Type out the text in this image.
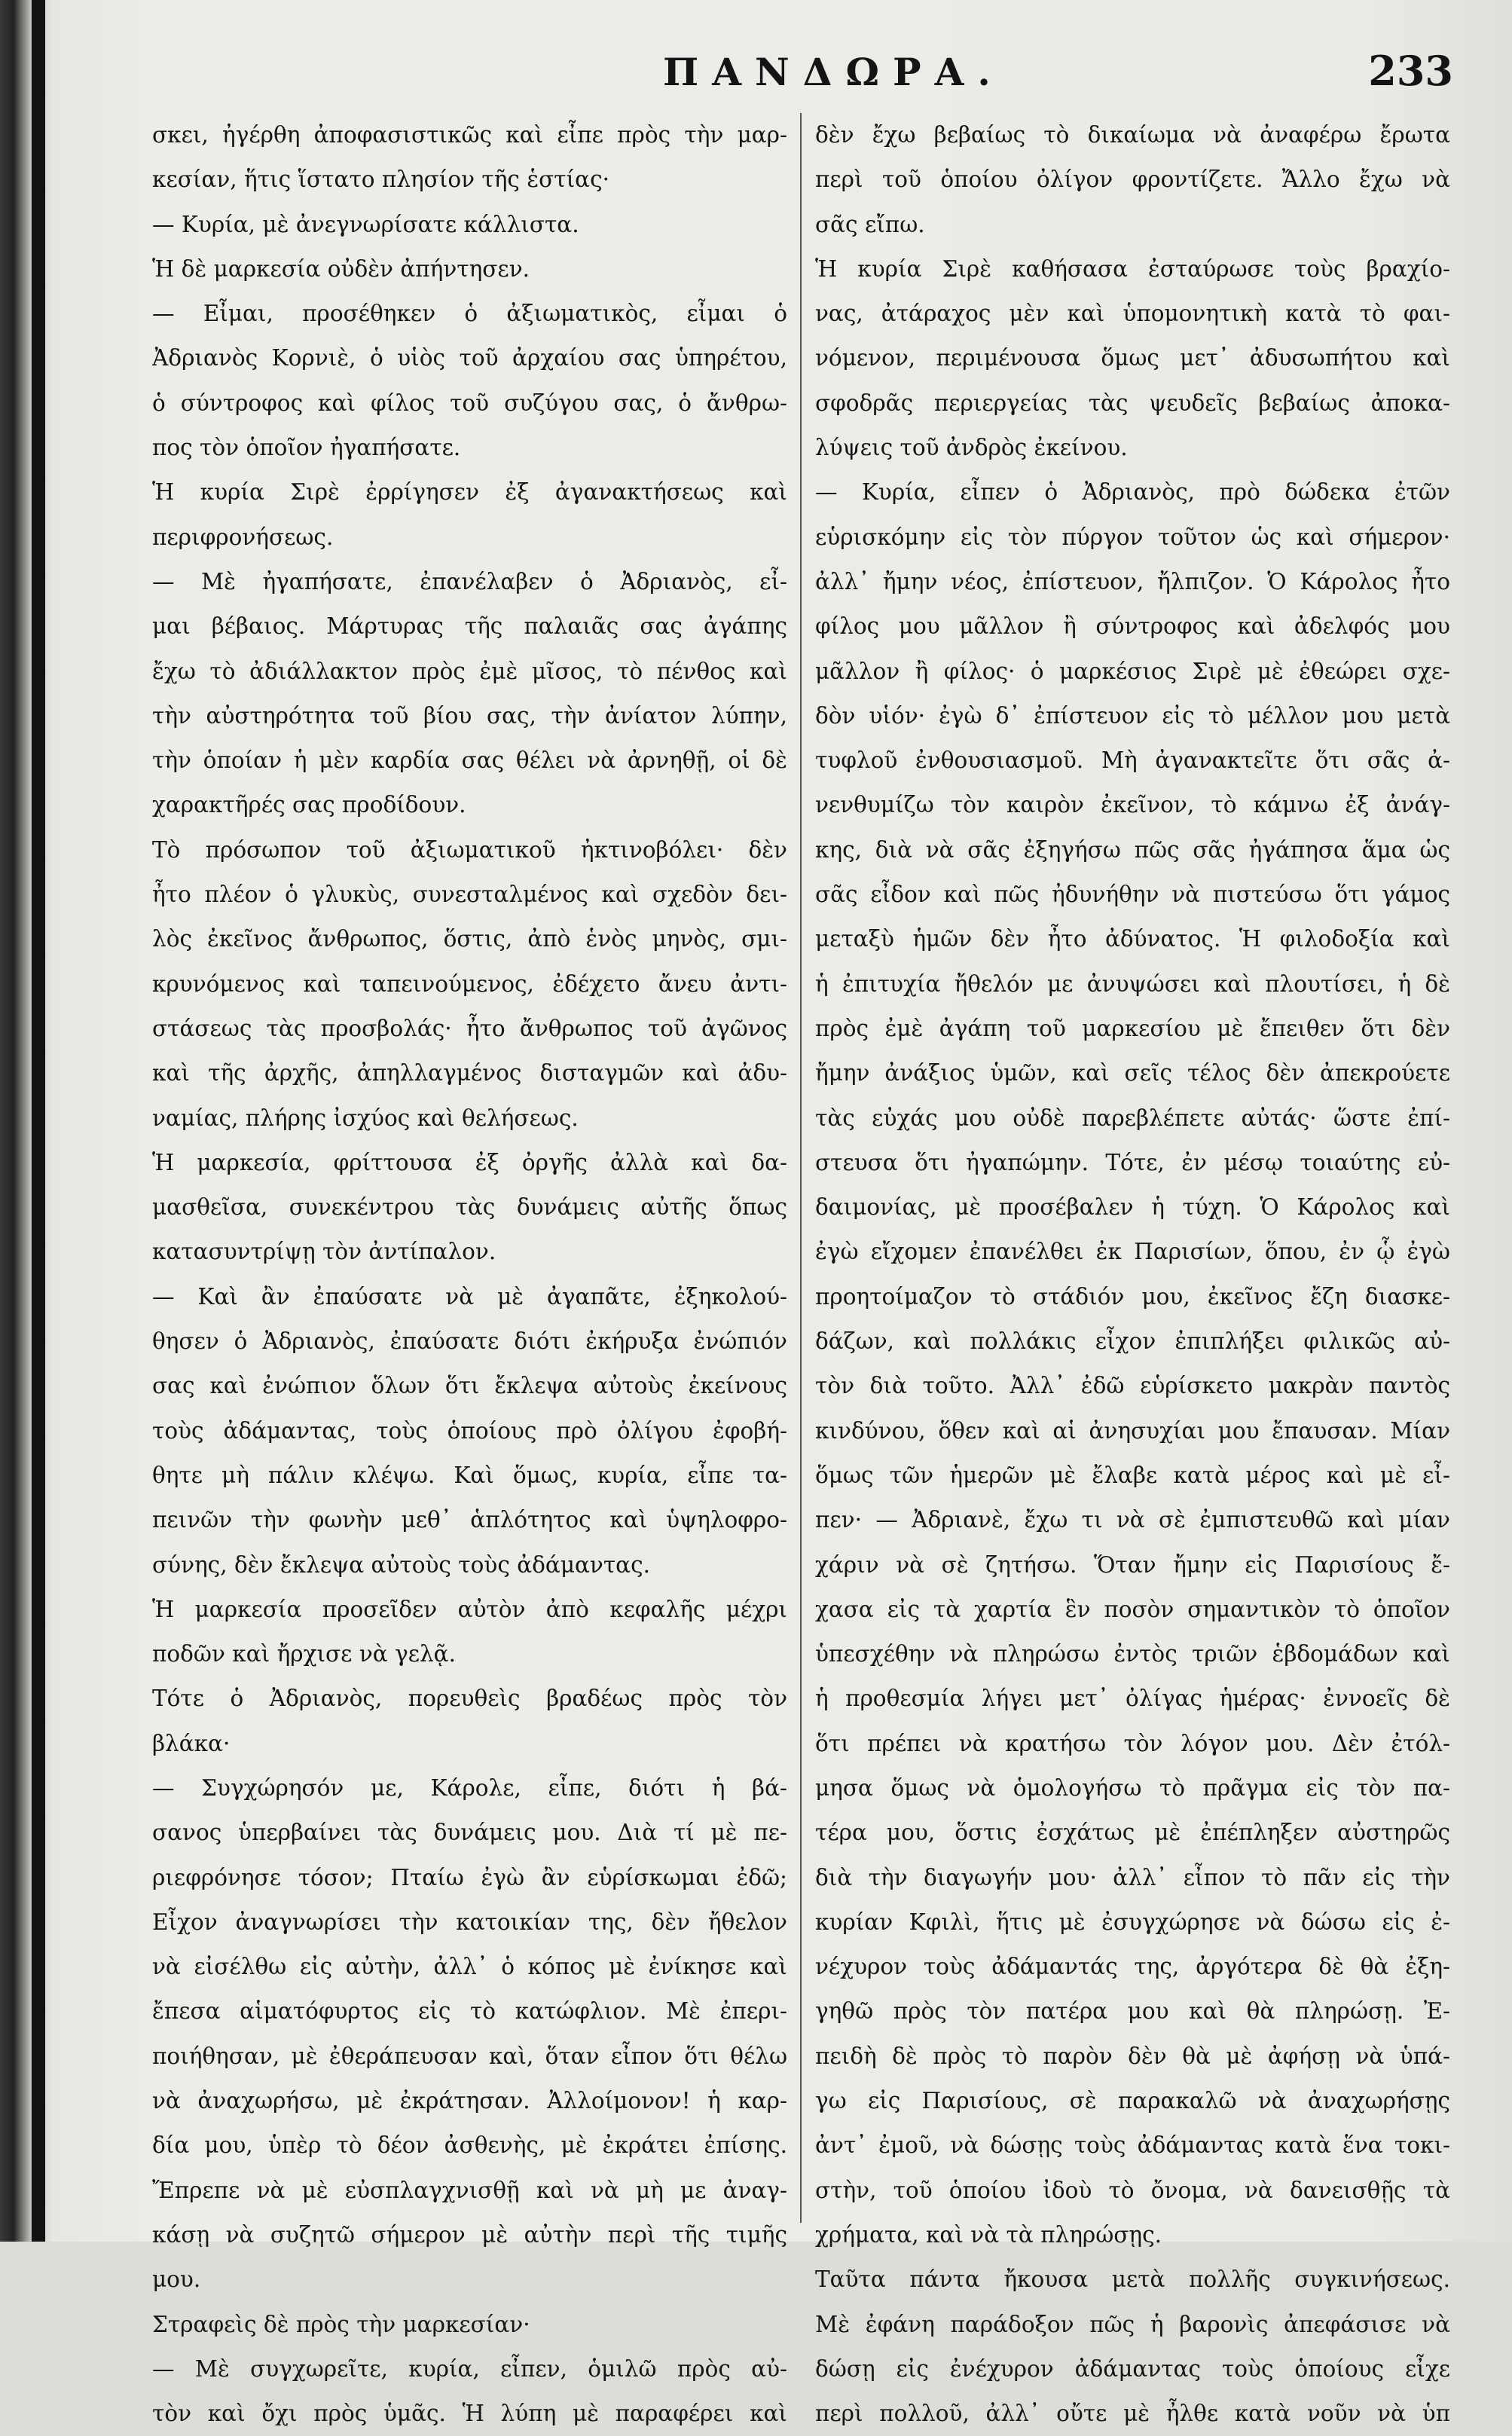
ΠΑΝΔΩΡΑ.	233
σκει, ἠγέρθη ἀποφασιστικῶς καὶ εἶπε πρὸς τὴν μαρ-
κεσίαν, ἥτις ἵστατο πλησίον τῆς ἑστίας·
— Κυρία, μὲ ἀνεγνωρίσατε κάλλιστα.
Ἡ δὲ μαρκεσία οὐδὲν ἀπήντησεν.
— Εἶμαι, προσέθηκεν ὁ ἀξιωματικὸς, εἶμαι ὁ
Ἀδριανὸς Κορνιὲ, ὁ υἱὸς τοῦ ἀρχαίου σας ὑπηρέτου,
ὁ σύντροφος καὶ φίλος τοῦ συζύγου σας, ὁ ἄνθρω-
πος τὸν ὁποῖον ἠγαπήσατε.
Ἡ κυρία Σιρὲ ἐρρίγησεν ἐξ ἀγανακτήσεως καὶ
περιφρονήσεως.
— Μὲ ἠγαπήσατε, ἐπανέλαβεν ὁ Ἀδριανὸς, εἶ-
μαι βέβαιος. Μάρτυρας τῆς παλαιᾶς σας ἀγάπης
ἔχω τὸ ἀδιάλλακτον πρὸς ἐμὲ μῖσος, τὸ πένθος καὶ
τὴν αὐστηρότητα τοῦ βίου σας, τὴν ἀνίατον λύπην,
τὴν ὁποίαν ἡ μὲν καρδία σας θέλει νὰ ἀρνηθῇ, οἱ δὲ
χαρακτῆρές σας προδίδουν.
Τὸ πρόσωπον τοῦ ἀξιωματικοῦ ἠκτινοβόλει· δὲν
ἦτο πλέον ὁ γλυκὺς, συνεσταλμένος καὶ σχεδὸν δει-
λὸς ἐκεῖνος ἄνθρωπος, ὅστις, ἀπὸ ἑνὸς μηνὸς, σμι-
κρυνόμενος καὶ ταπεινούμενος, ἐδέχετο ἄνευ ἀντι-
στάσεως τὰς προσβολάς· ἦτο ἄνθρωπος τοῦ ἀγῶνος
καὶ τῆς ἀρχῆς, ἀπηλλαγμένος δισταγμῶν καὶ ἀδυ-
ναμίας, πλήρης ἰσχύος καὶ θελήσεως.
Ἡ μαρκεσία, φρίττουσα ἐξ ὀργῆς ἀλλὰ καὶ δα-
μασθεῖσα, συνεκέντρου τὰς δυνάμεις αὐτῆς ὅπως
κατασυντρίψῃ τὸν ἀντίπαλον.
— Καὶ ἂν ἐπαύσατε νὰ μὲ ἀγαπᾶτε, ἐξηκολού-
θησεν ὁ Ἀδριανὸς, ἐπαύσατε διότι ἐκήρυξα ἐνώπιόν
σας καὶ ἐνώπιον ὅλων ὅτι ἔκλεψα αὐτοὺς ἐκείνους
τοὺς ἀδάμαντας, τοὺς ὁποίους πρὸ ὀλίγου ἐφοβή-
θητε μὴ πάλιν κλέψω. Καὶ ὅμως, κυρία, εἶπε τα-
πεινῶν τὴν φωνὴν μεθ᾽ ἁπλότητος καὶ ὑψηλοφρο-
σύνης, δὲν ἔκλεψα αὐτοὺς τοὺς ἀδάμαντας.
Ἡ μαρκεσία προσεῖδεν αὐτὸν ἀπὸ κεφαλῆς μέχρι
ποδῶν καὶ ἤρχισε νὰ γελᾷ.
Τότε ὁ Ἀδριανὸς, πορευθεὶς βραδέως πρὸς τὸν
βλάκα·
— Συγχώρησόν με, Κάρολε, εἶπε, διότι ἡ βά-
σανος ὑπερβαίνει τὰς δυνάμεις μου. Διὰ τί μὲ πε-
ριεφρόνησε τόσον; Πταίω ἐγὼ ἂν εὑρίσκωμαι ἐδῶ;
Εἶχον ἀναγνωρίσει τὴν κατοικίαν της, δὲν ἤθελον
νὰ εἰσέλθω εἰς αὐτὴν, ἀλλ᾽ ὁ κόπος μὲ ἐνίκησε καὶ
ἔπεσα αἱματόφυρτος εἰς τὸ κατώφλιον. Μὲ ἐπερι-
ποιήθησαν, μὲ ἐθεράπευσαν καὶ, ὅταν εἶπον ὅτι θέλω
νὰ ἀναχωρήσω, μὲ ἐκράτησαν. Ἀλλοίμονον! ἡ καρ-
δία μου, ὑπὲρ τὸ δέον ἀσθενὴς, μὲ ἐκράτει ἐπίσης.
Ἔπρεπε νὰ μὲ εὐσπλαγχνισθῇ καὶ νὰ μὴ με ἀναγ-
κάσῃ νὰ συζητῶ σήμερον μὲ αὐτὴν περὶ τῆς τιμῆς
μου.
Στραφεὶς δὲ πρὸς τὴν μαρκεσίαν·
— Μὲ συγχωρεῖτε, κυρία, εἶπεν, ὁμιλῶ πρὸς αὐ-
τὸν καὶ ὄχι πρὸς ὑμᾶς. Ἡ λύπη μὲ παραφέρει καὶ
δὲν ἔχω βεβαίως τὸ δικαίωμα νὰ ἀναφέρω ἔρωτα
περὶ τοῦ ὁποίου ὀλίγον φροντίζετε. Ἄλλο ἔχω νὰ
σᾶς εἴπω.
Ἡ κυρία Σιρὲ καθήσασα ἐσταύρωσε τοὺς βραχίο-
νας, ἀτάραχος μὲν καὶ ὑπομονητικὴ κατὰ τὸ φαι-
νόμενον, περιμένουσα ὅμως μετ᾽ ἀδυσωπήτου καὶ
σφοδρᾶς περιεργείας τὰς ψευδεῖς βεβαίως ἀποκα-
λύψεις τοῦ ἀνδρὸς ἐκείνου.
— Κυρία, εἶπεν ὁ Ἀδριανὸς, πρὸ δώδεκα ἐτῶν
εὑρισκόμην εἰς τὸν πύργον τοῦτον ὡς καὶ σήμερον·
ἀλλ᾽ ἤμην νέος, ἐπίστευον, ἤλπιζον. Ὁ Κάρολος ἦτο
φίλος μου μᾶλλον ἢ σύντροφος καὶ ἀδελφός μου
μᾶλλον ἢ φίλος· ὁ μαρκέσιος Σιρὲ μὲ ἐθεώρει σχε-
δὸν υἱόν· ἐγὼ δ᾽ ἐπίστευον εἰς τὸ μέλλον μου μετὰ
τυφλοῦ ἐνθουσιασμοῦ. Μὴ ἀγανακτεῖτε ὅτι σᾶς ἀ-
νενθυμίζω τὸν καιρὸν ἐκεῖνον, τὸ κάμνω ἐξ ἀνάγ-
κης, διὰ νὰ σᾶς ἐξηγήσω πῶς σᾶς ἠγάπησα ἅμα ὡς
σᾶς εἶδον καὶ πῶς ἠδυνήθην νὰ πιστεύσω ὅτι γάμος
μεταξὺ ἡμῶν δὲν ἦτο ἀδύνατος. Ἡ φιλοδοξία καὶ
ἡ ἐπιτυχία ἤθελόν με ἀνυψώσει καὶ πλουτίσει, ἡ δὲ
πρὸς ἐμὲ ἀγάπη τοῦ μαρκεσίου μὲ ἔπειθεν ὅτι δὲν
ἤμην ἀνάξιος ὑμῶν, καὶ σεῖς τέλος δὲν ἀπεκρούετε
τὰς εὐχάς μου οὐδὲ παρεβλέπετε αὐτάς· ὥστε ἐπί-
στευσα ὅτι ἠγαπώμην. Τότε, ἐν μέσῳ τοιαύτης εὐ-
δαιμονίας, μὲ προσέβαλεν ἡ τύχη. Ὁ Κάρολος καὶ
ἐγὼ εἴχομεν ἐπανέλθει ἐκ Παρισίων, ὅπου, ἐν ᾧ ἐγὼ
προητοίμαζον τὸ στάδιόν μου, ἐκεῖνος ἔζη διασκε-
δάζων, καὶ πολλάκις εἶχον ἐπιπλήξει φιλικῶς αὐ-
τὸν διὰ τοῦτο. Ἀλλ᾽ ἐδῶ εὑρίσκετο μακρὰν παντὸς
κινδύνου, ὅθεν καὶ αἱ ἀνησυχίαι μου ἔπαυσαν. Μίαν
ὅμως τῶν ἡμερῶν μὲ ἔλαβε κατὰ μέρος καὶ μὲ εἶ-
πεν· — Ἀδριανὲ, ἔχω τι νὰ σὲ ἐμπιστευθῶ καὶ μίαν
χάριν νὰ σὲ ζητήσω. Ὅταν ἤμην εἰς Παρισίους ἔ-
χασα εἰς τὰ χαρτία ἓν ποσὸν σημαντικὸν τὸ ὁποῖον
ὑπεσχέθην νὰ πληρώσω ἐντὸς τριῶν ἑβδομάδων καὶ
ἡ προθεσμία λήγει μετ᾽ ὀλίγας ἡμέρας· ἐννοεῖς δὲ
ὅτι πρέπει νὰ κρατήσω τὸν λόγον μου. Δὲν ἐτόλ-
μησα ὅμως νὰ ὁμολογήσω τὸ πρᾶγμα εἰς τὸν πα-
τέρα μου, ὅστις ἐσχάτως μὲ ἐπέπληξεν αὐστηρῶς
διὰ τὴν διαγωγήν μου· ἀλλ᾽ εἶπον τὸ πᾶν εἰς τὴν
κυρίαν Κφιλὶ, ἥτις μὲ ἐσυγχώρησε νὰ δώσω εἰς ἐ-
νέχυρον τοὺς ἀδάμαντάς της, ἀργότερα δὲ θὰ ἐξη-
γηθῶ πρὸς τὸν πατέρα μου καὶ θὰ πληρώσῃ. Ἐ-
πειδὴ δὲ πρὸς τὸ παρὸν δὲν θὰ μὲ ἀφήσῃ νὰ ὑπά-
γω εἰς Παρισίους, σὲ παρακαλῶ νὰ ἀναχωρήσῃς
ἀντ᾽ ἐμοῦ, νὰ δώσῃς τοὺς ἀδάμαντας κατὰ ἕνα τοκι-
στὴν, τοῦ ὁποίου ἰδοὺ τὸ ὄνομα, νὰ δανεισθῇς τὰ
χρήματα, καὶ νὰ τὰ πληρώσῃς.
Ταῦτα πάντα ἤκουσα μετὰ πολλῆς συγκινήσεως.
Μὲ ἐφάνη παράδοξον πῶς ἡ βαρονὶς ἀπεφάσισε νὰ
δώσῃ εἰς ἐνέχυρον ἀδάμαντας τοὺς ὁποίους εἶχε
περὶ πολλοῦ, ἀλλ᾽ οὔτε μὲ ἦλθε κατὰ νοῦν νὰ ὑπ
